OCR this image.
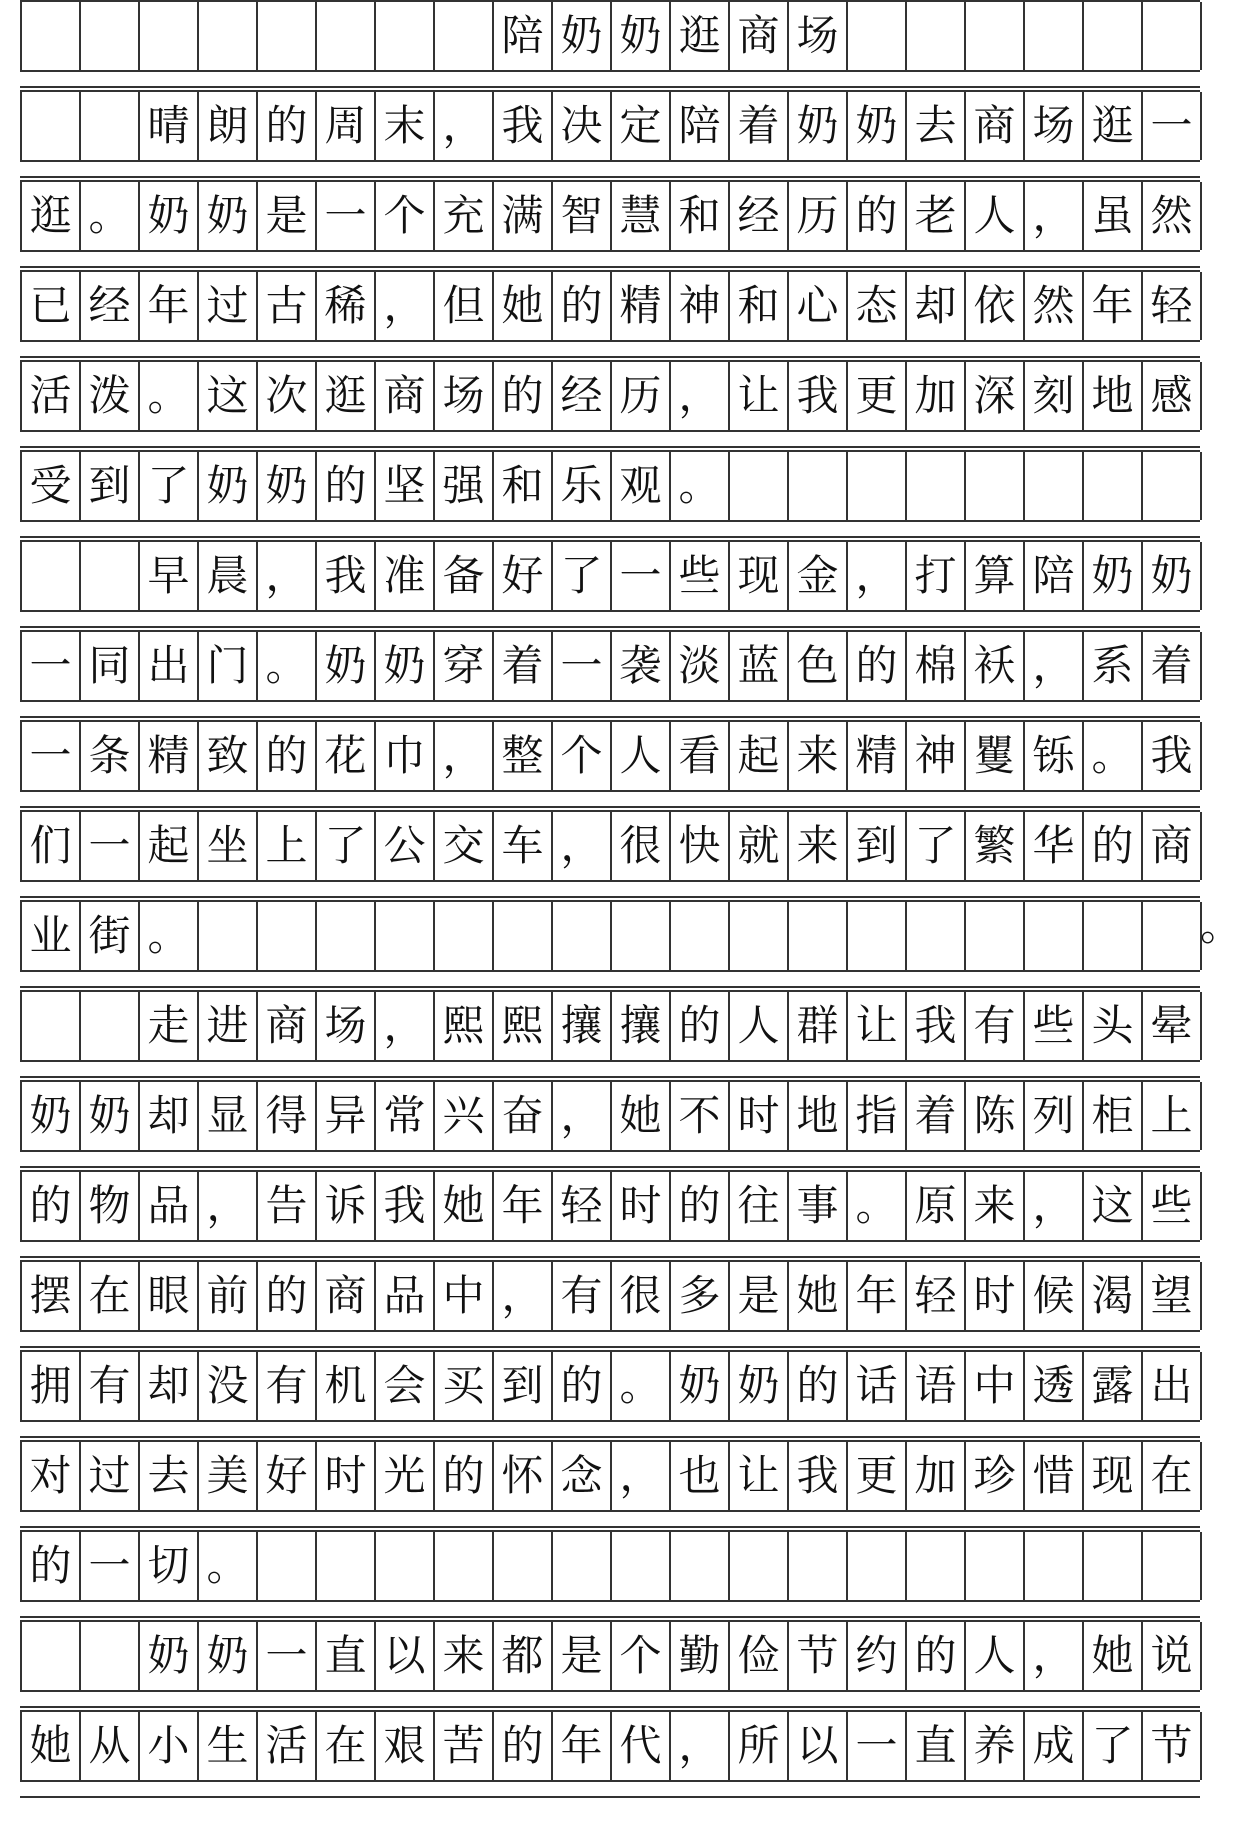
陪 奶 奶 逛 商 场
晴 朗 的 周 末 ， 我 决 定 陪 着 奶 奶 去 商 场 逛 一
逛 。 奶 奶 是 一 个 充 满 智 慧 和 经 历 的 老 人 ， 虽 然
已 经 年 过 古 稀 ， 但 她 的 精 神 和 心 态 却 依 然 年 轻
活 泼 。 这 次 逛 商 场 的 经 历 ， 让 我 更 加 深 刻 地 感
受 到 了 奶 奶 的 坚 强 和 乐 观 。
早 晨 ， 我 准 备 好 了 一 些 现 金 ， 打 算 陪 奶 奶
一 同 出 门 。 奶 奶 穿 着 一 袭 淡 蓝 色 的 棉 袄 ， 系 着
一 条 精 致 的 花 巾 ， 整 个 人 看 起 来 精 神 矍 铄 。 我
们 一 起 坐 上 了 公 交 车 ， 很 快 就 来 到 了 繁 华 的 商
业 街 。
走 进 商 场 ， 熙 熙 攘 攘 的 人 群 让 我 有 些 头 晕
奶 奶 却 显 得 异 常 兴 奋 ， 她 不 时 地 指 着 陈 列 柜 上
的 物 品 ， 告 诉 我 她 年 轻 时 的 往 事 。 原 来 ， 这 些
摆 在 眼 前 的 商 品 中 ， 有 很 多 是 她 年 轻 时 候 渴 望
拥 有 却 没 有 机 会 买 到 的 。 奶 奶 的 话 语 中 透 露 出
对 过 去 美 好 时 光 的 怀 念 ， 也 让 我 更 加 珍 惜 现 在
的 一 切 。
奶 奶 一 直 以 来 都 是 个 勤 俭 节 约 的 人 ， 她 说
她 从 小 生 活 在 艰 苦 的 年 代 ， 所 以 一 直 养 成 了 节
。
